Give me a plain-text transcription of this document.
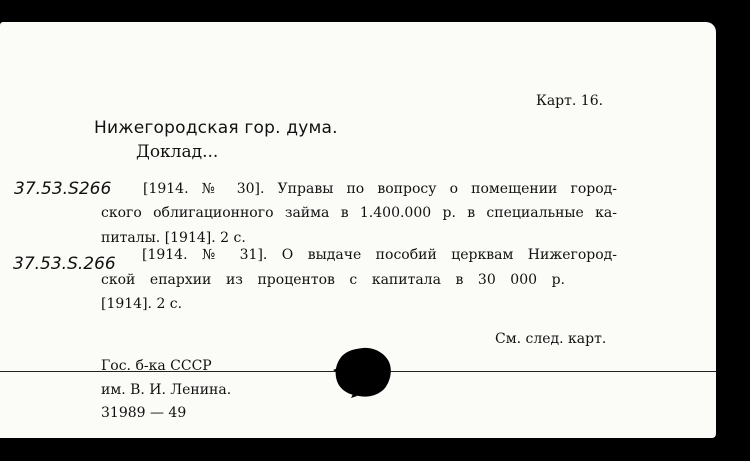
Карт. 16.

Нижегородская гор. дума.

Доклад...

37.53.S266 [1914. № 30]. Управы по вопросу о помещении город-

ского облигационного займа в 1.400.000 р. в специальные ка-

питалы. [1914]. 2 с.

37.53.S.266 [1914. № 31]. О выдаче пособий церквам Нижегород-

ской епархии из процентов с капитала в 30 000 р.

[1914]. 2 с.

См. след. карт.

Гос. б-ка СССР

им. В. И. Ленина.

31989 — 49
